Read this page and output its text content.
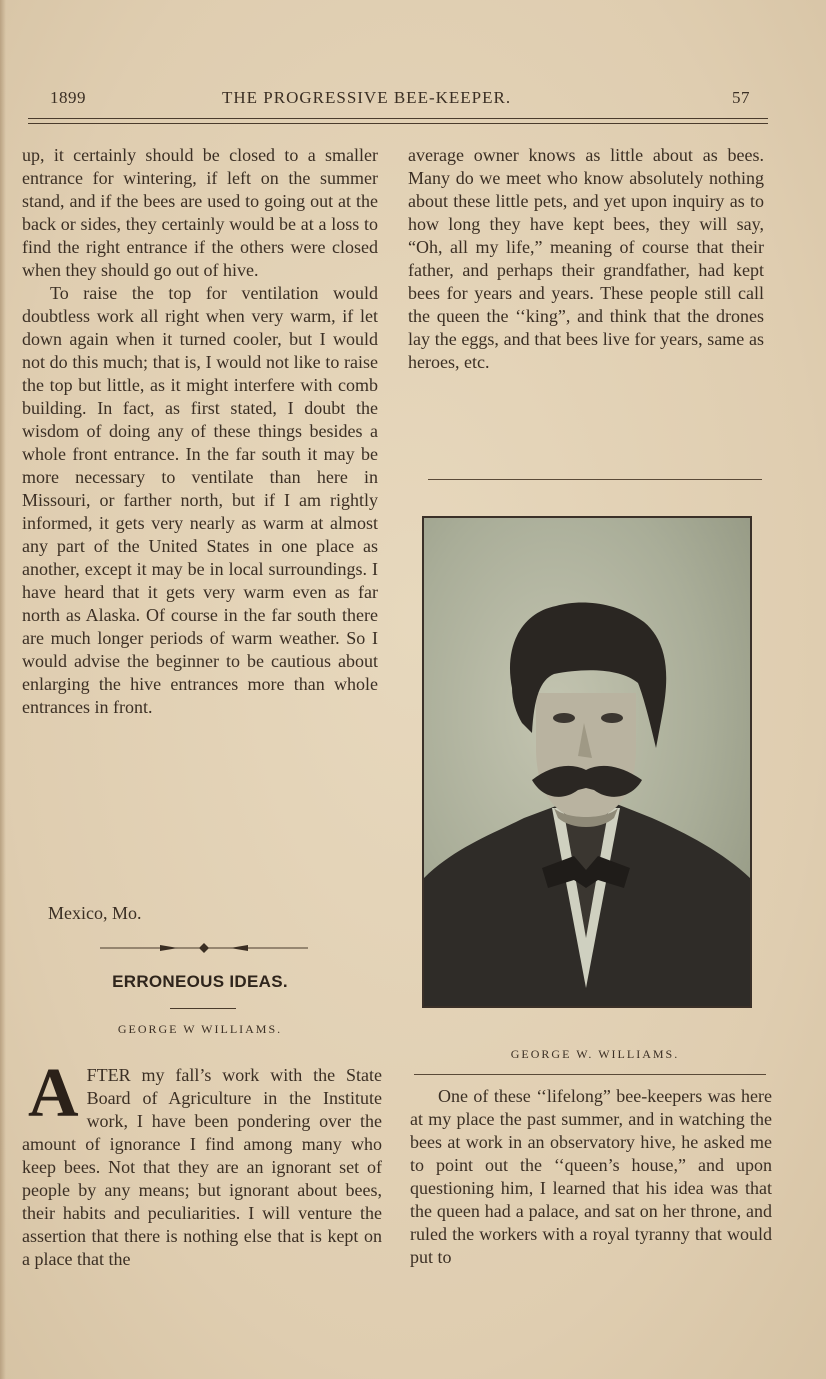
1899	THE PROGRESSIVE BEE-KEEPER.	57

up, it certainly should be closed to a smaller entrance for wintering, if left on the summer stand, and if the bees are used to going out at the back or sides, they certainly would be at a loss to find the right entrance if the others were closed when they should go out of hive.

To raise the top for ventilation would doubtless work all right when very warm, if let down again when it turned cooler, but I would not do this much; that is, I would not like to raise the top but little, as it might interfere with comb building. In fact, as first stated, I doubt the wisdom of doing any of these things besides a whole front entrance. In the far south it may be more necessary to ventilate than here in Missouri, or farther north, but if I am rightly informed, it gets very nearly as warm at almost any part of the United States in one place as another, except it may be in local surroundings. I have heard that it gets very warm even as far north as Alaska. Of course in the far south there are much longer periods of warm weather. So I would advise the beginner to be cautious about enlarging the hive entrances more than whole entrances in front.

Mexico, Mo.
ERRONEOUS IDEAS.
GEORGE W WILLIAMS.
A FTER my fall’s work with the State Board of Agriculture in the Institute work, I have been pondering over the amount of ignorance I find among many who keep bees. Not that they are an ignorant set of people by any means; but ignorant about bees, their habits and peculiarities. I will venture the assertion that there is nothing else that is kept on a place that the

average owner knows as little about as bees. Many do we meet who know absolutely nothing about these little pets, and yet upon inquiry as to how long they have kept bees, they will say, “Oh, all my life,” meaning of course that their father, and perhaps their grandfather, had kept bees for years and years. These people still call the queen the ‘‘king”, and think that the drones lay the eggs, and that bees live for years, same as heroes, etc.

GEORGE W. WILLIAMS.

One of these ‘‘lifelong” bee-keepers was here at my place the past summer, and in watching the bees at work in an observatory hive, he asked me to point out the ‘‘queen’s house,” and upon questioning him, I learned that his idea was that the queen had a palace, and sat on her throne, and ruled the workers with a royal tyranny that would put to
